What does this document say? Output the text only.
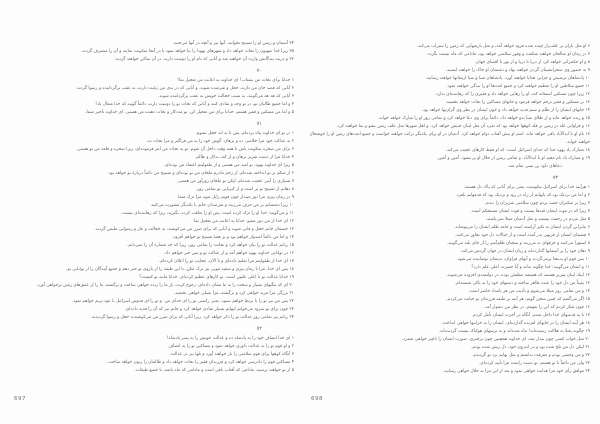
۳۴ آسمان و زمین او را تسبیح بخوانند. آبها نیز و آنچه در آنها می‌جنبد.
۳۵ زیرا خدا صهیون را نجات خواهد داد و شهرهای یهودا را بنا خواهد نمود تا در آنجا سکونت نمایند و آن را متصرف گردند.
۳۶ و ذریت بندگانش وارث آن خواهند شد و آنانی که نام او را دوست دارند، در آن ساکن خواهند گردید.
۷۰
۱ خدایا برای نجات من بشتاب! ای خداوند به اعانت من تعجیل نما!
۲ آنانی که قصد جان من دارند، خجل و شرمنده شوند. و آنانی که در بدی من رغبت دارند، به عقب برگردانیده و رسوا گردند.
۳ آنانی که هه هه می‌گویند، به سبب خجالت خویش به عقب برگردانیده شوند.
۴ و اما جمیع طالبان تو، در تو وجد و شادی کنند و آنانی که نجات تو را دوست دارند، دائماً گویند که خدا متعال باد!
۵ و اما من مسکین و فقیر هستم. خدایا برای من تعجیل کن. تو مددکار و نجات دهنده من هستی. ای خداوند تأخیر منما.
۷۱
۱ در تو ای خداوند پناه برده‌ام، پس تا به ابد خجل نشوم.
۲ به عدالت خود مرا خلاصی ده و برهان. گوش خود را به من فراگیر و مرا نجات ده.
۳ برای من صخره سکونت باش تا همه وقت داخل آن شوم. تو به نجات من امر فرموده‌ای، زیرا صخره و قلعه من تو هستی.
۴ خدایا مرا از دست شریر برهان و از کف بدکار و ظالم.
۵ زیرا ای خداوند یهوه، تو امید من هستی و از طفولیتم اعتماد من بوده‌ای.
۶ از شکم بر تو انداخته شده‌ام. از رحم مادرم ملجای من تو بوده‌ای و تسبیح من دائماً دربارهٔ تو خواهد بود.
۷ بسیاری را آیتی عجیب شده‌ام. لیکن تو ملجای زورآور من هستی.
۸ دهانم از تسبیح تو پر است و از کبریایی تو تمامی روز.
۹ در زمان پیری مرا دور مینداز چون قوتم زایل شود مرا ترک منما.
۱۰ زیرا دشمنانم بر من حرف می‌زنند و مترصدان جانم با یکدیگر مشورت می‌کنند
۱۱ و می‌گویند: خدا او را ترک کرده است. پس او را تعاقب کرده، بگیرید، زیرا که رهاننده‌ای نیست.
۱۲ ای خدا از من دور مشو. خدایا به اعانت من تعجیل نما.
۱۳ خصمان جانم خجل و فانی شوند و آنانی که برای ضرر من می‌کوشند، به خجالت و عار و رسوایی ملبس گردند.
۱۴ و اما من دائماً امیدوار خواهم بود و بر همهٔ تسبیح تو خواهم افزود.
۱۵ زبانم عدالت تو را بیان خواهد کرد و نجاتت را تمامی روز، زیرا که حد شمارهٔ آن را نمی‌دانم.
۱۶ در توانایی خداوند یهوه خواهم آمد و از عدالت تو و بس خبر خواهم داد.
۱۷ ای خدا از طفولیتم مرا تعلیم داده‌ای و تا الآن، عجایب تو را اعلان کرده‌ام.
۱۸ پس ای خدا، مرا تا زمان پیری و سفید مویی نیز ترک مکن، تا این طبقه را از بازوی تو خبر دهم و جمیع آیندگان را از توانایی تو.
۱۹ خدایا عدالت تو تا اعلی علیین است. تو کارهای عظیم کرده‌ای. خدایا مانند تو کیست؟
۲۰ ای که تنگیهای بسیار و سخت را به ما نشان داده‌ای، رجوع کرده، باز ما را زنده خواهی ساخت و برگشته، ما را از عمق‌های زمین برخواهی آورد.
۲۱ بزرگی مرا مزید خواهی کرد و برگشته، مرا تسلی خواهی بخشید.
۲۲ پس من نیز تو را با بربط خواهم ستود، یعنی راستی تو را ای خدای من. و تو را ای قدوس اسرائیل با عود ترنم خواهم نمود.
۲۳ چون برای تو سرود می‌خوانم لبهایم بسیار شادی خواهد کرد و جانم نیز که آن را فدیه داده‌ای.
۲۴ زبانم نیز تمامی روز عدالت تو را ذکر خواهد کرد. زیرا آنانی که برای ضرر من می‌کوشیدند خجل و رسوا گردیدند.
۷۲
۱ ای خدا انصاف خود را به پادشاه ده و عدالت خویش را به پسر پادشاه!
۲ و او قوم تو را به عدالت داوری خواهد نمود و مساکین تو را به انصاف.
۳ آنگاه کوهها برای قوم سلامتی را بار خواهند آورد و تلها نیز در عدالت.
۴ مساکین قوم را دادرسی خواهد کرد و فرزندان فقیر را نجات خواهد داد و ظالمان را زبون خواهد ساخت.
۵ از تو خواهند ترسید، مادامی که آفتاب باقی است و مادامی که ماه باشد، تا جمیع طبقات.
697
۶ او مثل باران بر علف‌زار چیده شده فرود خواهد آمد، و مثل بارشهایی که زمین را سیراب می‌کند.
۷ در زمان او صالحان خواهند شکفت و وفور سلامتی خواهد بود، مادامی که ماه نیست نگردد.
۸ و او حکمرانی خواهد کرد از دریا تا دریا و از نهر تا اقصای جهان.
۹ به حضور وی صحرانشینان گردن خواهند نهاد و دشمنان او خاک را خواهند لیسید.
۱۰ پادشاهان ترشیش و جزایر، هدایا خواهند آورد. پادشاهان شبا و سبا ارمغانها خواهند رسانید.
۱۱ جمیع سلاطین او را تعظیم خواهند کرد و جمیع امت‌ها او را بندگی خواهند نمود.
۱۲ زیرا چون مسکین استغاثه کند، او را رهایی خواهد داد و فقیری را که رهاننده‌ای ندارد.
۱۳ بر مسکین و فقیر ترحم خواهد فرمود و جانهای مساکین را نجات خواهد بخشید.
۱۴ جانهای ایشان را از ظلم و ستم فدیه خواهد داد و خون ایشان در نظر وی گران‌بها خواهد بود.
۱۵ و زنده خواهد ماند و از طلای شبا بدو خواهد داد. دائماً برای وی دعا خواهد کرد و تمامی روز او را مبارک خواهد خواند.
۱۶ و فراوانی غله در زمین بر قله کوهها خواهد بود که ثمره آن مثل لبنان جنبش خواهد کرد. و اهل شهرها مثل علف زمین نشو و نما خواهند کرد.
۱۷ نام او تا ابدالآباد باقی خواهد ماند. اسم او پیش آفتاب دوام خواهد کرد. آدمیان در او برای یکدیگر برکت خواهند خواست و جمیع امت‌های زمین او را خوشحال خواهند خواند.
۱۸ متبارک باد یهوه خدا که خدای اسرائیل است. که او فقط کارهای عجیب می‌کند.
۱۹ و متبارک باد نام مجید او تا ابدالآباد. و تمامی زمین از جلال او پر بشود. آمین و آمین.
دعاهای داود بن یسی تمام شد.
۷۳
۱ هرآینه خدا برای اسرائیل نیکوست، یعنی برای آنانی که پاک دل هستند.
۲ و اما من نزدیک بود که پایهایم از راه در رود و نزدیک بود که قدمهایم بلغزد.
۳ زیرا بر متکبران حسد بردم چون سلامتی شریران را دیدم.
۴ زیرا که در موت ایشان قیدها نیست و قوت ایشان مستحکم است.
۵ مثل مردم در زحمت نیستند و مثل آدمیان مبتلا نمی‌باشند.
۶ بنابراین گردن ایشان به تکبر آراسته است و جامه ظلم ایشان را می‌پوشاند.
۷ چشمان ایشان از فربهی بدر آمده است و از خیالات دل خود تجاوز می‌کنند.
۸ استهزا می‌کنند و حرفهای بد می‌زنند و سخنان ظلم‌آمیز را از جای بلند می‌گویند.
۹ دهان خود را بر آسمانها گذارده‌اند و زبان ایشان در جهان گردش می‌کند.
۱۰ پس قوم او بدینجا برمی‌گردند و آبهای فراوان، بدیشان نوشانیده می‌شود.
۱۱ و ایشان می‌گویند: خدا چگونه بداند و آیا حضرت اعلی علم دارد؟
۱۲ اینک اینان شریر هستند که همیشه مطمئن بوده، در دولتمندی افزوده می‌شوند.
۱۳ یقیناً من دل خود را عبث طاهر ساخته و دستهای خود را به پاکی شسته‌ام.
۱۴ و من تمامی روز مبتلا می‌شوم و تأدیب من هر بامداد حاضر است.
۱۵ اگر می‌گفتم که چنین سخن گویم، هر آینه بر طبقه فرزندان تو خیانت می‌کردم.
۱۶ چون تفکر کردم که این را بفهمم، در نظر من دشوار آمد.
۱۷ تا به قدسهای خدا داخل شدم. آنگاه در آخرت ایشان تأمل کردم.
۱۸ هر آینه ایشان را در جایهای لغزنده گذارده‌ای. ایشان را به خرابیها خواهی انداخت.
۱۹ چگونه بغتةً به هلاکت رسیده‌اند! تباه شده‌اند و به ترسهای هولناک نیست گردیده‌اند.
۲۰ مثل خواب کسی چون بیدار شد، ای خداوند همچنین چون برخیزی، صورت ایشان را ناچیز خواهی شمرد.
۲۱ لیکن دل من تلخ شده بود و در اندرون خود، دل ریش شده بودم.
۲۲ و من وحشی بودم و معرفت نداشتم و مثل بهایم نزد تو گردیدم.
۲۳ ولی من دائماً با تو هستم. تو دست راست مرا تأیید کرده‌ای.
۲۴ موافق رأی خود مرا هدایت خواهی نمود و بعد از این مرا به جلال خواهی رسانید.
698
